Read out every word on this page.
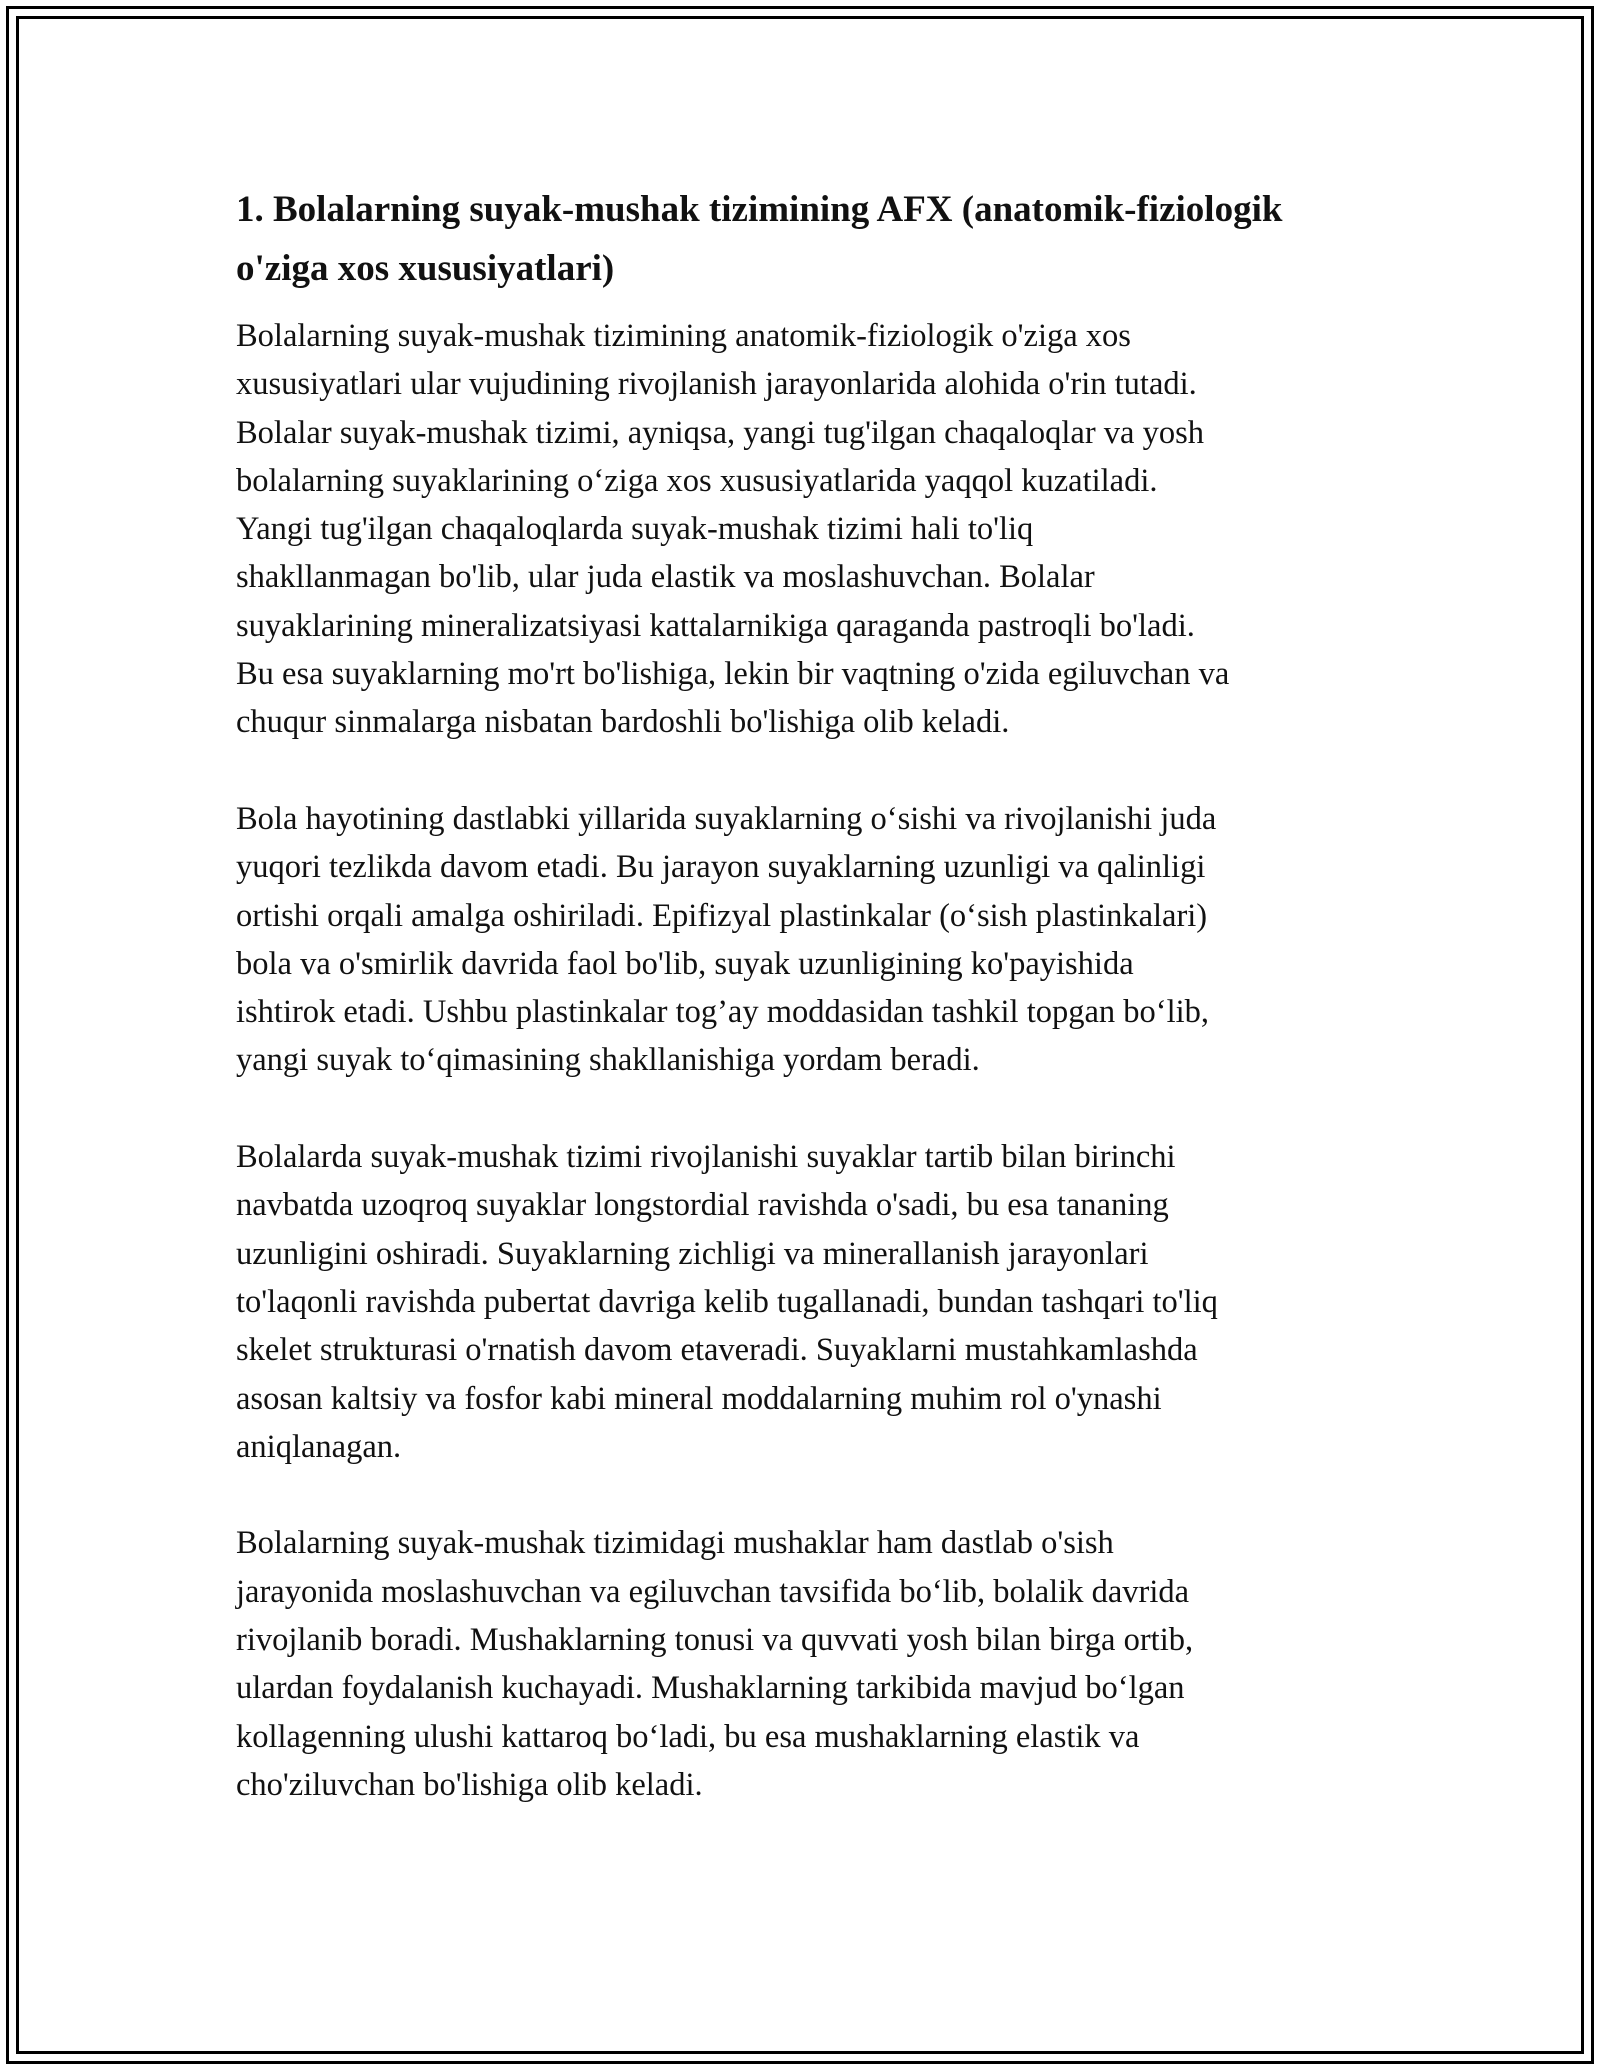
1. Bolalarning suyak-mushak tizimining AFX (anatomik-fiziologik o'ziga xos xususiyatlari)
Bolalarning suyak-mushak tizimining anatomik-fiziologik o'ziga xos
xususiyatlari ular vujudining rivojlanish jarayonlarida alohida o'rin tutadi.
Bolalar suyak-mushak tizimi, ayniqsa, yangi tug'ilgan chaqaloqlar va yosh
bolalarning suyaklarining o‘ziga xos xususiyatlarida yaqqol kuzatiladi.
Yangi tug'ilgan chaqaloqlarda suyak-mushak tizimi hali to'liq
shakllanmagan bo'lib, ular juda elastik va moslashuvchan. Bolalar
suyaklarining mineralizatsiyasi kattalarnikiga qaraganda pastroqli bo'ladi.
Bu esa suyaklarning mo'rt bo'lishiga, lekin bir vaqtning o'zida egiluvchan va
chuqur sinmalarga nisbatan bardoshli bo'lishiga olib keladi.
Bola hayotining dastlabki yillarida suyaklarning o‘sishi va rivojlanishi juda
yuqori tezlikda davom etadi. Bu jarayon suyaklarning uzunligi va qalinligi
ortishi orqali amalga oshiriladi. Epifizyal plastinkalar (o‘sish plastinkalari)
bola va o'smirlik davrida faol bo'lib, suyak uzunligining ko'payishida
ishtirok etadi. Ushbu plastinkalar tog’ay moddasidan tashkil topgan bo‘lib,
yangi suyak to‘qimasining shakllanishiga yordam beradi.
Bolalarda suyak-mushak tizimi rivojlanishi suyaklar tartib bilan birinchi
navbatda uzoqroq suyaklar longstordial ravishda o'sadi, bu esa tananing
uzunligini oshiradi. Suyaklarning zichligi va minerallanish jarayonlari
to'laqonli ravishda pubertat davriga kelib tugallanadi, bundan tashqari to'liq
skelet strukturasi o'rnatish davom etaveradi. Suyaklarni mustahkamlashda
asosan kaltsiy va fosfor kabi mineral moddalarning muhim rol o'ynashi
aniqlanagan.
Bolalarning suyak-mushak tizimidagi mushaklar ham dastlab o'sish
jarayonida moslashuvchan va egiluvchan tavsifida bo‘lib, bolalik davrida
rivojlanib boradi. Mushaklarning tonusi va quvvati yosh bilan birga ortib,
ulardan foydalanish kuchayadi. Mushaklarning tarkibida mavjud bo‘lgan
kollagenning ulushi kattaroq bo‘ladi, bu esa mushaklarning elastik va
cho'ziluvchan bo'lishiga olib keladi.
